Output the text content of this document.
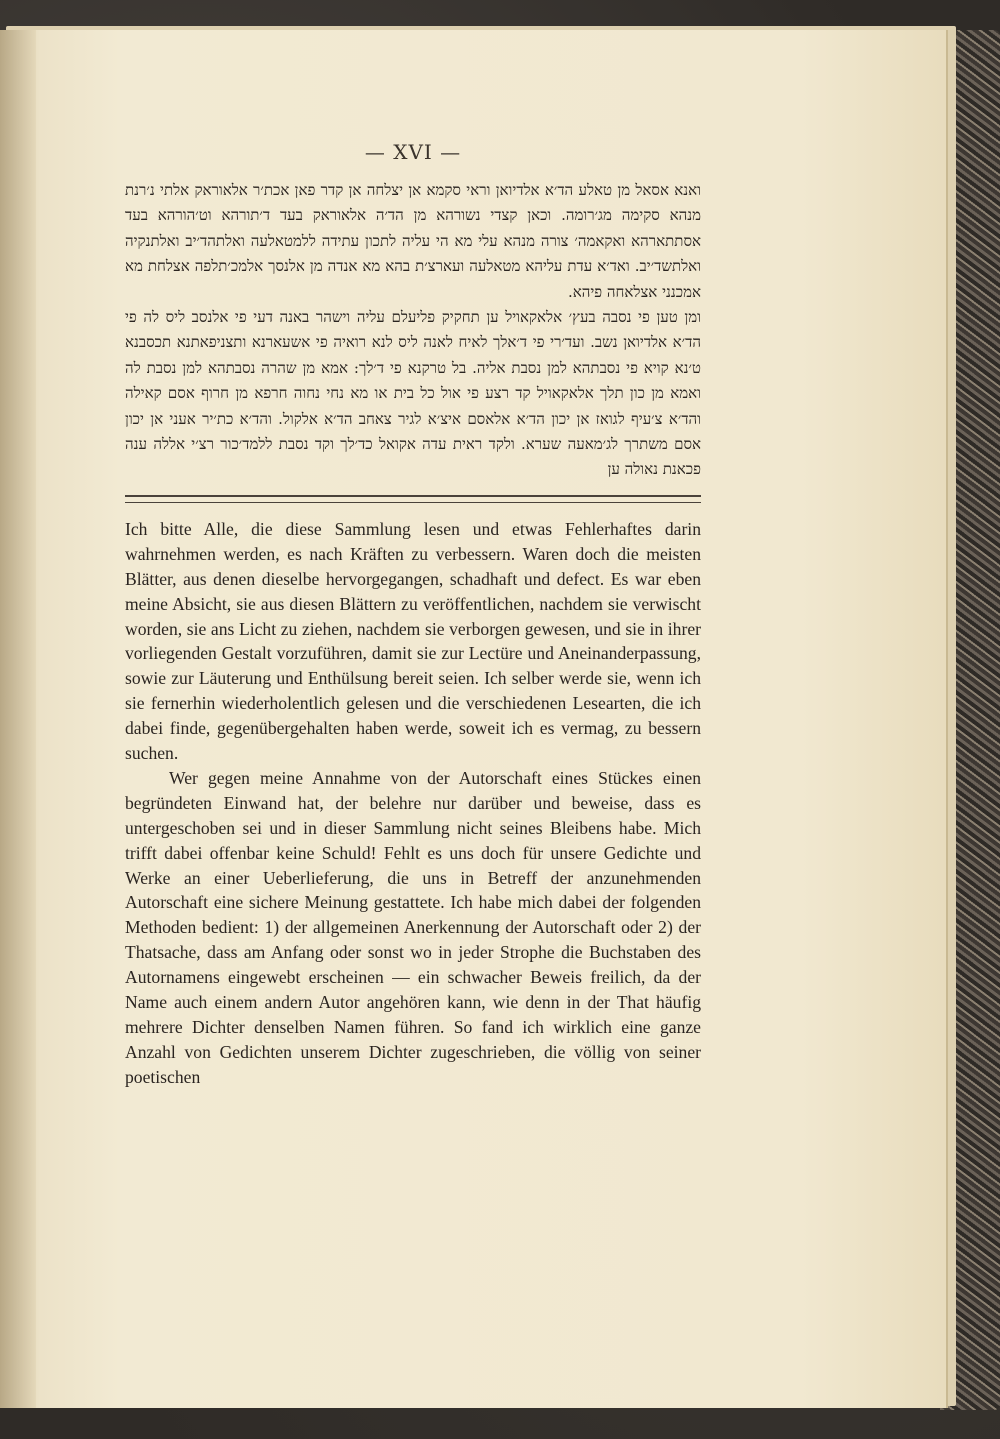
— XVI —

ואנא אסאל מן טאלע הד׳א אלדיואן וראי סקמא אן יצלחה אן קדר פאן אכת׳ר אלאוראק אלתי נ׳רנת מנהא סקימה מג׳רומה. וכאן קצדי נשורהא מן הד׳ה אלאוראק בעד ד׳תורהא וט׳הורהא בעד אסתתארהא ואקאמה׳ צורה מנהא עלי מא הי עליה לתכון עתידה ללמטאלעה ואלתהד׳יב ואלתנקיה ואלתשד׳יב. ואד׳א עדת עליהא מטאלעה ועארצ׳ת בהא מא אנדה מן אלנסך אלמכ׳תלפה אצלחת מא אמכנני אצלאחה פיהא.

ומן טען פי נסבה בעץ׳ אלאקאויל ען תחקיק פליעלם עליה וישהר באנה דעי פי אלנסב ליס לה פי הד׳א אלדיואן נשב. ועד׳רי פי ד׳אלך לאיח לאנה ליס לנא רואיה פי אשעארנא ותצניפאתנא תכסבנא ט׳נא קויא פי נסבתהא למן נסבת אליה. בל טרקנא פי ד׳לך: אמא מן שהרה נסבתהא למן נסבת לה ואמא מן כון תלך אלאקאויל קד רצע פי אול כל בית או מא נחי נחוה חרפא מן חרוף אסם קאילה והד׳א צ׳עיף לגואז אן יכון הד׳א אלאסם איצ׳א לגיר צאחב הד׳א אלקול. והד׳א כת׳יר אעני אן יכון אסם משתרך לג׳מאעה שערא. ולקד ראית עדה אקואל כד׳לך וקד נסבת ללמד׳כור רצ׳י אללה ענה פכאנת נאולה ען

Ich bitte Alle, die diese Sammlung lesen und etwas Fehlerhaftes darin wahrnehmen werden, es nach Kräften zu verbessern. Waren doch die meisten Blätter, aus denen dieselbe hervorgegangen, schadhaft und defect. Es war eben meine Absicht, sie aus diesen Blättern zu veröffentlichen, nachdem sie verwischt worden, sie ans Licht zu ziehen, nachdem sie verborgen gewesen, und sie in ihrer vorliegenden Gestalt vorzuführen, damit sie zur Lectüre und Aneinanderpassung, sowie zur Läuterung und Enthülsung bereit seien. Ich selber werde sie, wenn ich sie fernerhin wiederholentlich gelesen und die verschiedenen Lesearten, die ich dabei finde, gegenübergehalten haben werde, soweit ich es vermag, zu bessern suchen.

Wer gegen meine Annahme von der Autorschaft eines Stückes einen begründeten Einwand hat, der belehre nur darüber und beweise, dass es untergeschoben sei und in dieser Sammlung nicht seines Bleibens habe. Mich trifft dabei offenbar keine Schuld! Fehlt es uns doch für unsere Gedichte und Werke an einer Ueberlieferung, die uns in Betreff der anzunehmenden Autorschaft eine sichere Meinung gestattete. Ich habe mich dabei der folgenden Methoden bedient: 1) der allgemeinen Anerkennung der Autorschaft oder 2) der Thatsache, dass am Anfang oder sonst wo in jeder Strophe die Buchstaben des Autornamens eingewebt erscheinen — ein schwacher Beweis freilich, da der Name auch einem andern Autor angehören kann, wie denn in der That häufig mehrere Dichter denselben Namen führen. So fand ich wirklich eine ganze Anzahl von Gedichten unserem Dichter zugeschrieben, die völlig von seiner poetischen
